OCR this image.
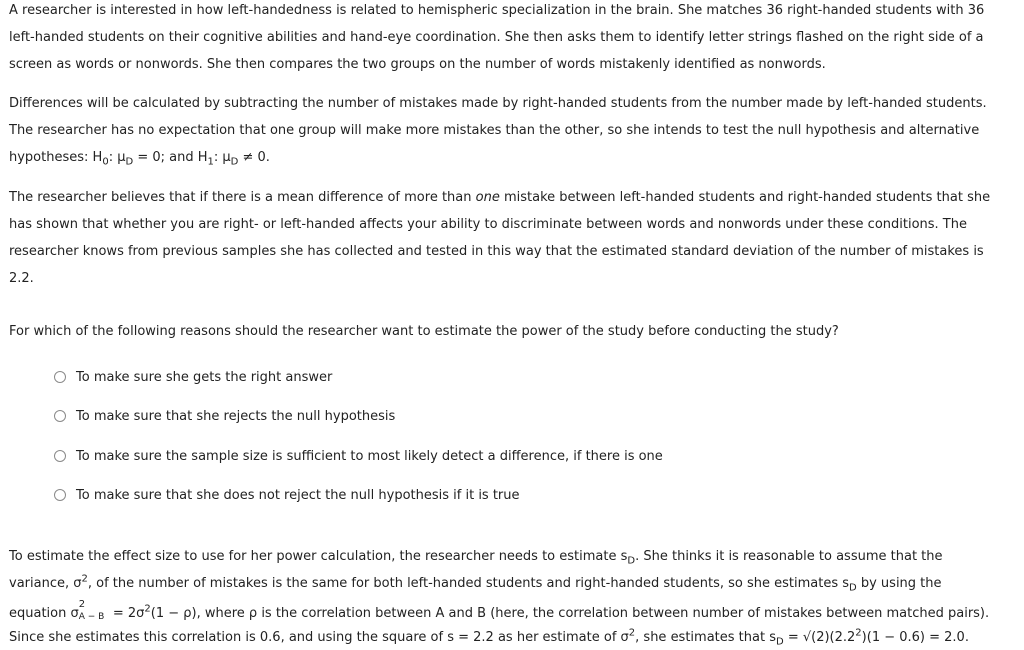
A researcher is interested in how left-handedness is related to hemispheric specialization in the brain. She matches 36 right-handed students with 36
left-handed students on their cognitive abilities and hand-eye coordination. She then asks them to identify letter strings flashed on the right side of a
screen as words or nonwords. She then compares the two groups on the number of words mistakenly identified as nonwords.
Differences will be calculated by subtracting the number of mistakes made by right-handed students from the number made by left-handed students.
The researcher has no expectation that one group will make more mistakes than the other, so she intends to test the null hypothesis and alternative
hypotheses: $H_0$: $\mu_D = 0$; and $H_1$: $\mu_D \ne 0$.
The researcher believes that if there is a mean difference of more than one mistake between left-handed students and right-handed students that she
has shown that whether you are right- or left-handed affects your ability to discriminate between words and nonwords under these conditions. The
researcher knows from previous samples she has collected and tested in this way that the estimated standard deviation of the number of mistakes is
2.2.
For which of the following reasons should the researcher want to estimate the power of the study before conducting the study?
To make sure she gets the right answer
To make sure that she rejects the null hypothesis
To make sure the sample size is sufficient to most likely detect a difference, if there is one
To make sure that she does not reject the null hypothesis if it is true
To estimate the effect size to use for her power calculation, the researcher needs to estimate $s_D$. She thinks it is reasonable to assume that the
variance, $\sigma^2$, of the number of mistakes is the same for both left-handed students and right-handed students, so she estimates $s_D$ by using the
equation σ
2
$A - B = 2\sigma^2(1 - \rho)$, where ρ is the correlation between A and B (here, the correlation between number of mistakes between matched pairs).
Since she estimates this correlation is 0.6, and using the square of s = 2.2 as her estimate of $\sigma^2$, she estimates that $s_D = √(2)(2.2^2)(1 - 0.6) = 2.0$.
